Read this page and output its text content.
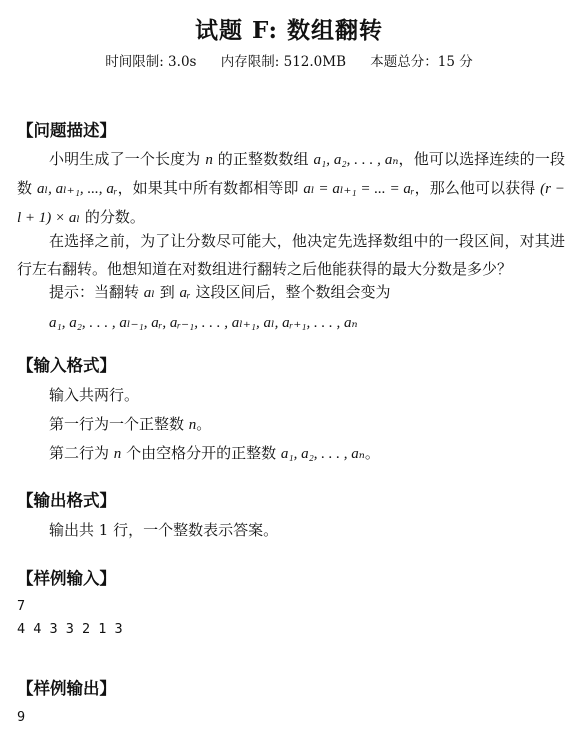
试题 F: 数组翻转
时间限制: 3.0s 内存限制: 512.0MB 本题总分：15 分
【问题描述】
小明生成了一个长度为 n 的正整数数组 a₁, a₂, . . . , aₙ，他可以选择连续的一段数 aₗ, aₗ₊₁, ..., aᵣ，如果其中所有数都相等即 aₗ = aₗ₊₁ = ... = aᵣ，那么他可以获得 (r − l + 1) × aₗ 的分数。
在选择之前，为了让分数尽可能大，他决定先选择数组中的一段区间，对其进行左右翻转。他想知道在对数组进行翻转之后他能获得的最大分数是多少？
提示：当翻转 aₗ 到 aᵣ 这段区间后，整个数组会变为
a₁, a₂, . . . , aₗ₋₁, aᵣ, aᵣ₋₁, . . . , aₗ₊₁, aₗ, aᵣ₊₁, . . . , aₙ
【输入格式】
输入共两行。
第一行为一个正整数 n。
第二行为 n 个由空格分开的正整数 a₁, a₂, . . . , aₙ。
【输出格式】
输出共 1 行，一个整数表示答案。
【样例输入】
7
4 4 3 3 2 1 3
【样例输出】
9
